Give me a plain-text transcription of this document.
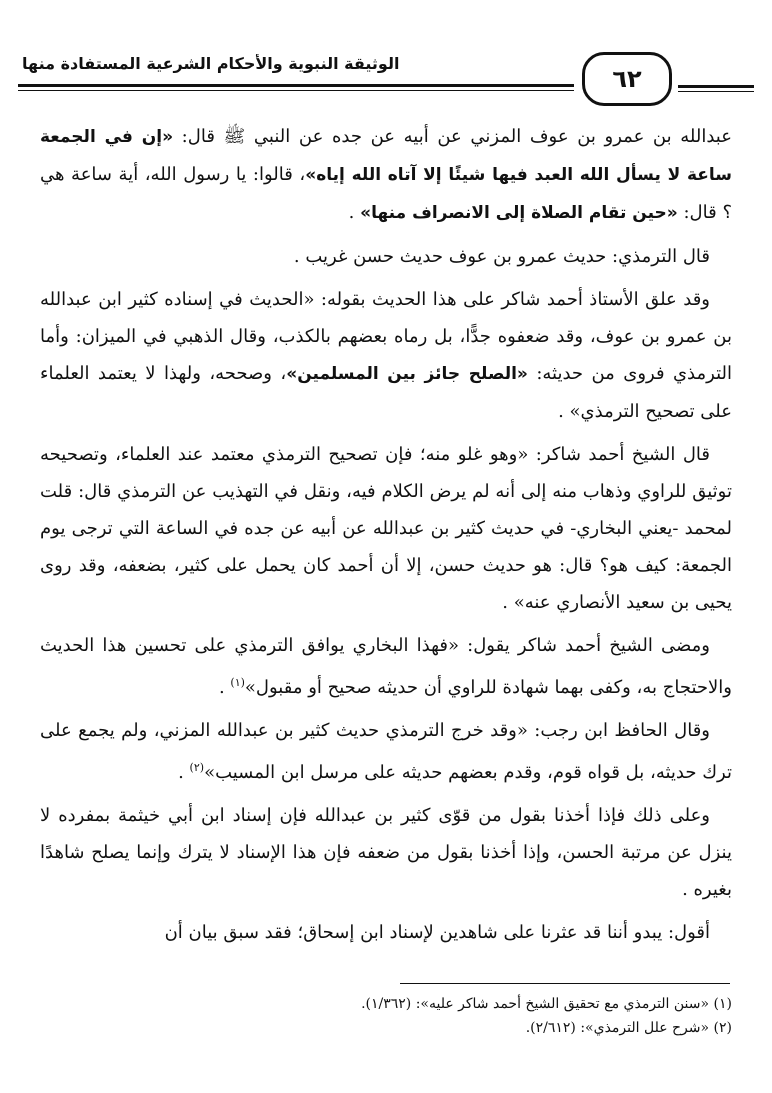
الوثيقة النبوية والأحكام الشرعية المستفادة منها
٦٢

عبدالله بن عمرو بن عوف المزني عن أبيه عن جده عن النبي ﷺ قال: «إن في الجمعة ساعة لا يسأل الله العبد فيها شيئًا إلا آتاه الله إياه»، قالوا: يا رسول الله، أية ساعة هي ؟ قال: «حين تقام الصلاة إلى الانصراف منها» .

قال الترمذي: حديث عمرو بن عوف حديث حسن غريب .

وقد علق الأستاذ أحمد شاكر على هذا الحديث بقوله: «الحديث في إسناده كثير ابن عبدالله بن عمرو بن عوف، وقد ضعفوه جدًّا، بل رماه بعضهم بالكذب، وقال الذهبي في الميزان: وأما الترمذي فروى من حديثه: «الصلح جائز بين المسلمين»، وصححه، ولهذا لا يعتمد العلماء على تصحيح الترمذي» .

قال الشيخ أحمد شاكر: «وهو غلو منه؛ فإن تصحيح الترمذي معتمد عند العلماء، وتصحيحه توثيق للراوي وذهاب منه إلى أنه لم يرض الكلام فيه، ونقل في التهذيب عن الترمذي قال: قلت لمحمد -يعني البخاري- في حديث كثير بن عبدالله عن أبيه عن جده في الساعة التي ترجى يوم الجمعة: كيف هو؟ قال: هو حديث حسن، إلا أن أحمد كان يحمل على كثير، بضعفه، وقد روى يحيى بن سعيد الأنصاري عنه» .

ومضى الشيخ أحمد شاكر يقول: «فهذا البخاري يوافق الترمذي على تحسين هذا الحديث والاحتجاج به، وكفى بهما شهادة للراوي أن حديثه صحيح أو مقبول»$^{(١)}$ .

وقال الحافظ ابن رجب: «وقد خرج الترمذي حديث كثير بن عبدالله المزني، ولم يجمع على ترك حديثه، بل قواه قوم، وقدم بعضهم حديثه على مرسل ابن المسيب»$^{(٢)}$ .

وعلى ذلك فإذا أخذنا بقول من قوّى كثير بن عبدالله فإن إسناد ابن أبي خيثمة بمفرده لا ينزل عن مرتبة الحسن، وإذا أخذنا بقول من ضعفه فإن هذا الإسناد لا يترك وإنما يصلح شاهدًا بغيره .

أقول: يبدو أننا قد عثرنا على شاهدين لإسناد ابن إسحاق؛ فقد سبق بيان أن

(١) «سنن الترمذي مع تحقيق الشيخ أحمد شاكر عليه»: (١/٣٦٢).

(٢) «شرح علل الترمذي»: (٢/٦١٢).
